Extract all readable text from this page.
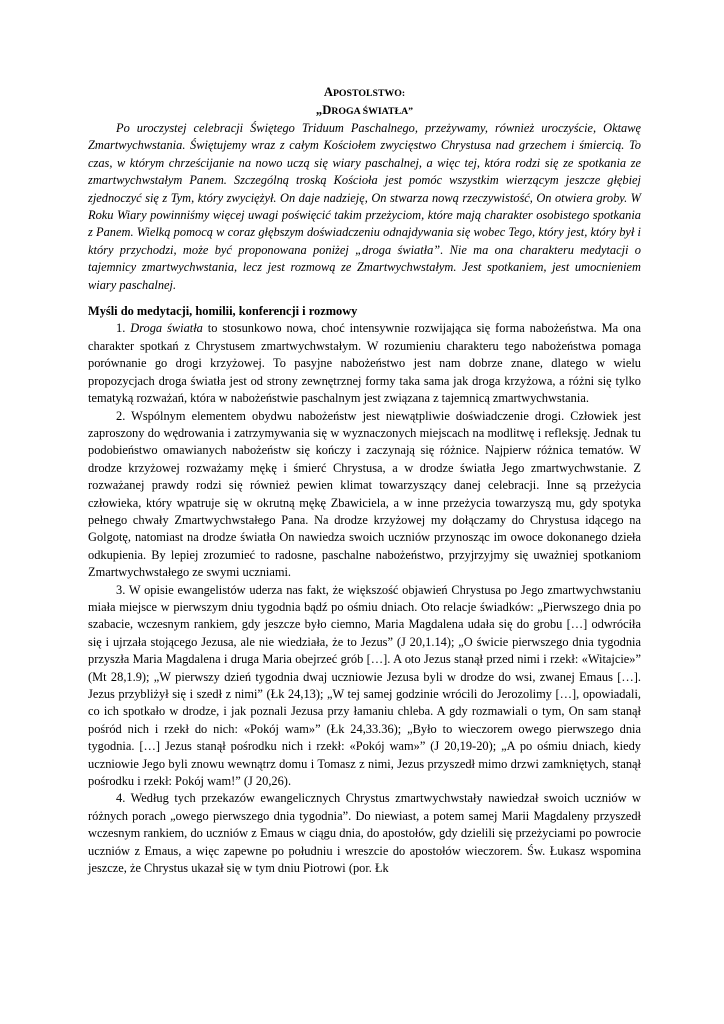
APOSTOLSTWO:

„DROGA ŚWIATŁA”

Po uroczystej celebracji Świętego Triduum Paschalnego, przeżywamy, również uroczyście, Oktawę Zmartwychwstania. Świętujemy wraz z całym Kościołem zwycięstwo Chrystusa nad grzechem i śmiercią. To czas, w którym chrześcijanie na nowo uczą się wiary paschalnej, a więc tej, która rodzi się ze spotkania ze zmartwychwstałym Panem. Szczególną troską Kościoła jest pomóc wszystkim wierzącym jeszcze głębiej zjednoczyć się z Tym, który zwyciężył. On daje nadzieję, On stwarza nową rzeczywistość, On otwiera groby. W Roku Wiary powinniśmy więcej uwagi poświęcić takim przeżyciom, które mają charakter osobistego spotkania z Panem. Wielką pomocą w coraz głębszym doświadczeniu odnajdywania się wobec Tego, który jest, który był i który przychodzi, może być proponowana poniżej „droga światła”. Nie ma ona charakteru medytacji o tajemnicy zmartwychwstania, lecz jest rozmową ze Zmartwychwstałym. Jest spotkaniem, jest umocnieniem wiary paschalnej.

Myśli do medytacji, homilii, konferencji i rozmowy

1. Droga światła to stosunkowo nowa, choć intensywnie rozwijająca się forma nabożeństwa. Ma ona charakter spotkań z Chrystusem zmartwychwstałym. W rozumieniu charakteru tego nabożeństwa pomaga porównanie go drogi krzyżowej. To pasyjne nabożeństwo jest nam dobrze znane, dlatego w wielu propozycjach droga światła jest od strony zewnętrznej formy taka sama jak droga krzyżowa, a różni się tylko tematyką rozważań, która w nabożeństwie paschalnym jest związana z tajemnicą zmartwychwstania.

2. Wspólnym elementem obydwu nabożeństw jest niewątpliwie doświadczenie drogi. Człowiek jest zaproszony do wędrowania i zatrzymywania się w wyznaczonych miejscach na modlitwę i refleksję. Jednak tu podobieństwo omawianych nabożeństw się kończy i zaczynają się różnice. Najpierw różnica tematów. W drodze krzyżowej rozważamy mękę i śmierć Chrystusa, a w drodze światła Jego zmartwychwstanie. Z rozważanej prawdy rodzi się również pewien klimat towarzyszący danej celebracji. Inne są przeżycia człowieka, który wpatruje się w okrutną mękę Zbawiciela, a w inne przeżycia towarzyszą mu, gdy spotyka pełnego chwały Zmartwychwstałego Pana. Na drodze krzyżowej my dołączamy do Chrystusa idącego na Golgotę, natomiast na drodze światła On nawiedza swoich uczniów przynosząc im owoce dokonanego dzieła odkupienia. By lepiej zrozumieć to radosne, paschalne nabożeństwo, przyjrzyjmy się uważniej spotkaniom Zmartwychwstałego ze swymi uczniami.

3. W opisie ewangelistów uderza nas fakt, że większość objawień Chrystusa po Jego zmartwychwstaniu miała miejsce w pierwszym dniu tygodnia bądź po ośmiu dniach. Oto relacje świadków: „Pierwszego dnia po szabacie, wczesnym rankiem, gdy jeszcze było ciemno, Maria Magdalena udała się do grobu […] odwróciła się i ujrzała stojącego Jezusa, ale nie wiedziała, że to Jezus” (J 20,1.14); „O świcie pierwszego dnia tygodnia przyszła Maria Magdalena i druga Maria obejrzeć grób […]. A oto Jezus stanął przed nimi i rzekł: «Witajcie»” (Mt 28,1.9); „W pierwszy dzień tygodnia dwaj uczniowie Jezusa byli w drodze do wsi, zwanej Emaus […]. Jezus przybliżył się i szedł z nimi” (Łk 24,13); „W tej samej godzinie wrócili do Jerozolimy […], opowiadali, co ich spotkało w drodze, i jak poznali Jezusa przy łamaniu chleba. A gdy rozmawiali o tym, On sam stanął pośród nich i rzekł do nich: «Pokój wam»” (Łk 24,33.36); „Było to wieczorem owego pierwszego dnia tygodnia. […] Jezus stanął pośrodku nich i rzekł: «Pokój wam»” (J 20,19-20); „A po ośmiu dniach, kiedy uczniowie Jego byli znowu wewnątrz domu i Tomasz z nimi, Jezus przyszedł mimo drzwi zamkniętych, stanął pośrodku i rzekł: Pokój wam!” (J 20,26).

4. Według tych przekazów ewangelicznych Chrystus zmartwychwstały nawiedzał swoich uczniów w różnych porach „owego pierwszego dnia tygodnia”. Do niewiast, a potem samej Marii Magdaleny przyszedł wczesnym rankiem, do uczniów z Emaus w ciągu dnia, do apostołów, gdy dzielili się przeżyciami po powrocie uczniów z Emaus, a więc zapewne po południu i wreszcie do apostołów wieczorem. Św. Łukasz wspomina jeszcze, że Chrystus ukazał się w tym dniu Piotrowi (por. Łk
